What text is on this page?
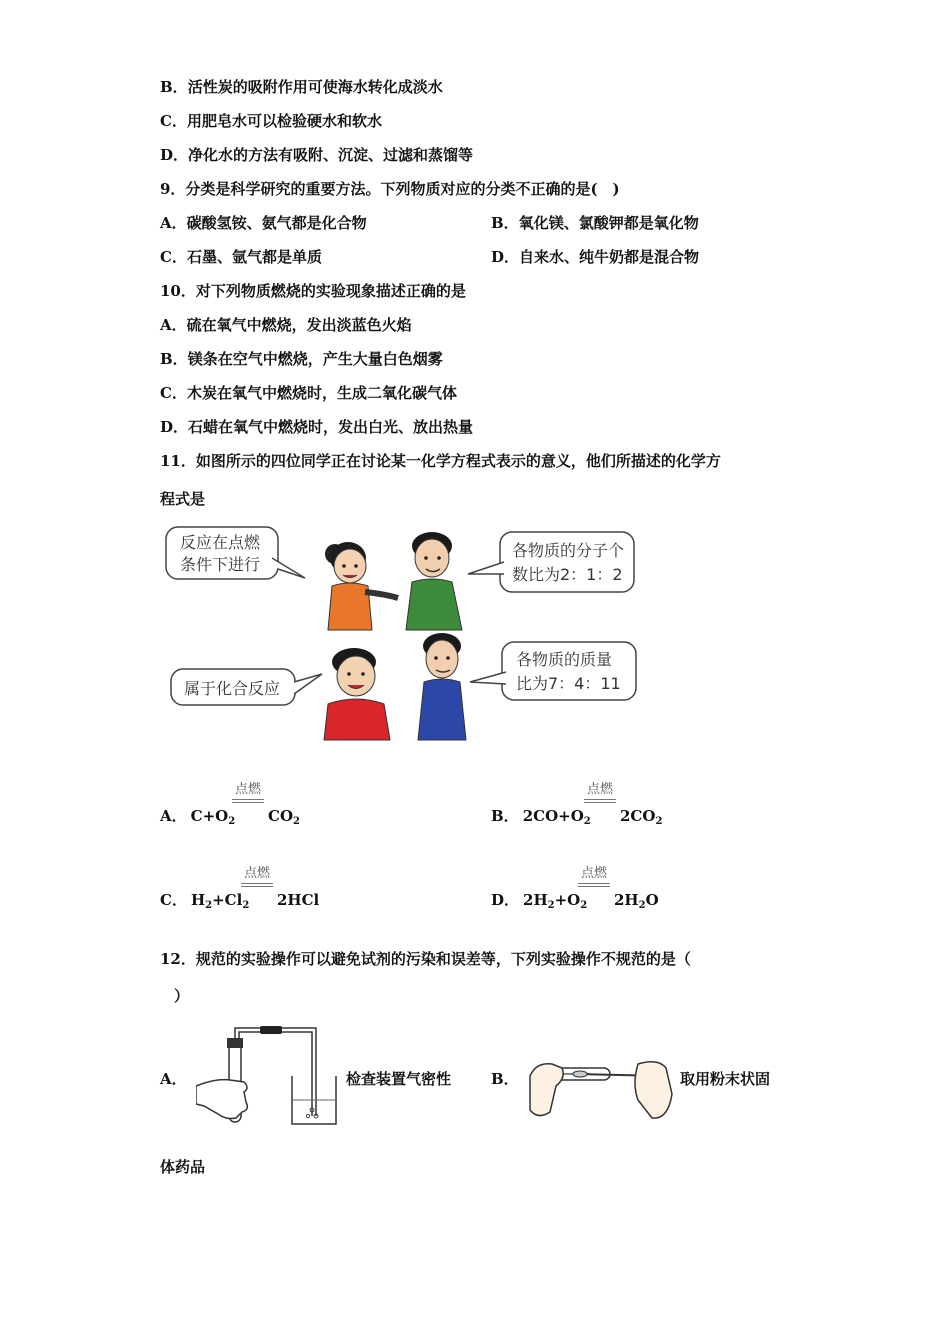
B．活性炭的吸附作用可使海水转化成淡水
C．用肥皂水可以检验硬水和软水
D．净化水的方法有吸附、沉淀、过滤和蒸馏等
9．分类是科学研究的重要方法。下列物质对应的分类不正确的是(　)
A．碳酸氢铵、氨气都是化合物	B．氧化镁、氯酸钾都是氧化物
C．石墨、氩气都是单质	D．自来水、纯牛奶都是混合物
10．对下列物质燃烧的实验现象描述正确的是
A．硫在氧气中燃烧，发出淡蓝色火焰
B．镁条在空气中燃烧，产生大量白色烟雾
C．木炭在氧气中燃烧时，生成二氧化碳气体
D．石蜡在氧气中燃烧时，发出白光、放出热量
11．如图所示的四位同学正在讨论某一化学方程式表示的意义，他们所描述的化学方
程式是
反应在点燃
条件下进行
各物质的分子个
数比为2：1：2
属于化合反应
各物质的质量
比为7：4：11
A． $C+O_2$
点燃
$CO_2$	B． $2CO+O_2$
点燃
$2CO_2$
C． $H_2+Cl_2$
点燃
2HCl	D． $2H_2+O_2$
点燃
$2H_2O$
12．规范的实验操作可以避免试剂的污染和误差等，下列实验操作不规范的是（
）
A．	检查装置气密性	B．	取用粉末状固
体药品
